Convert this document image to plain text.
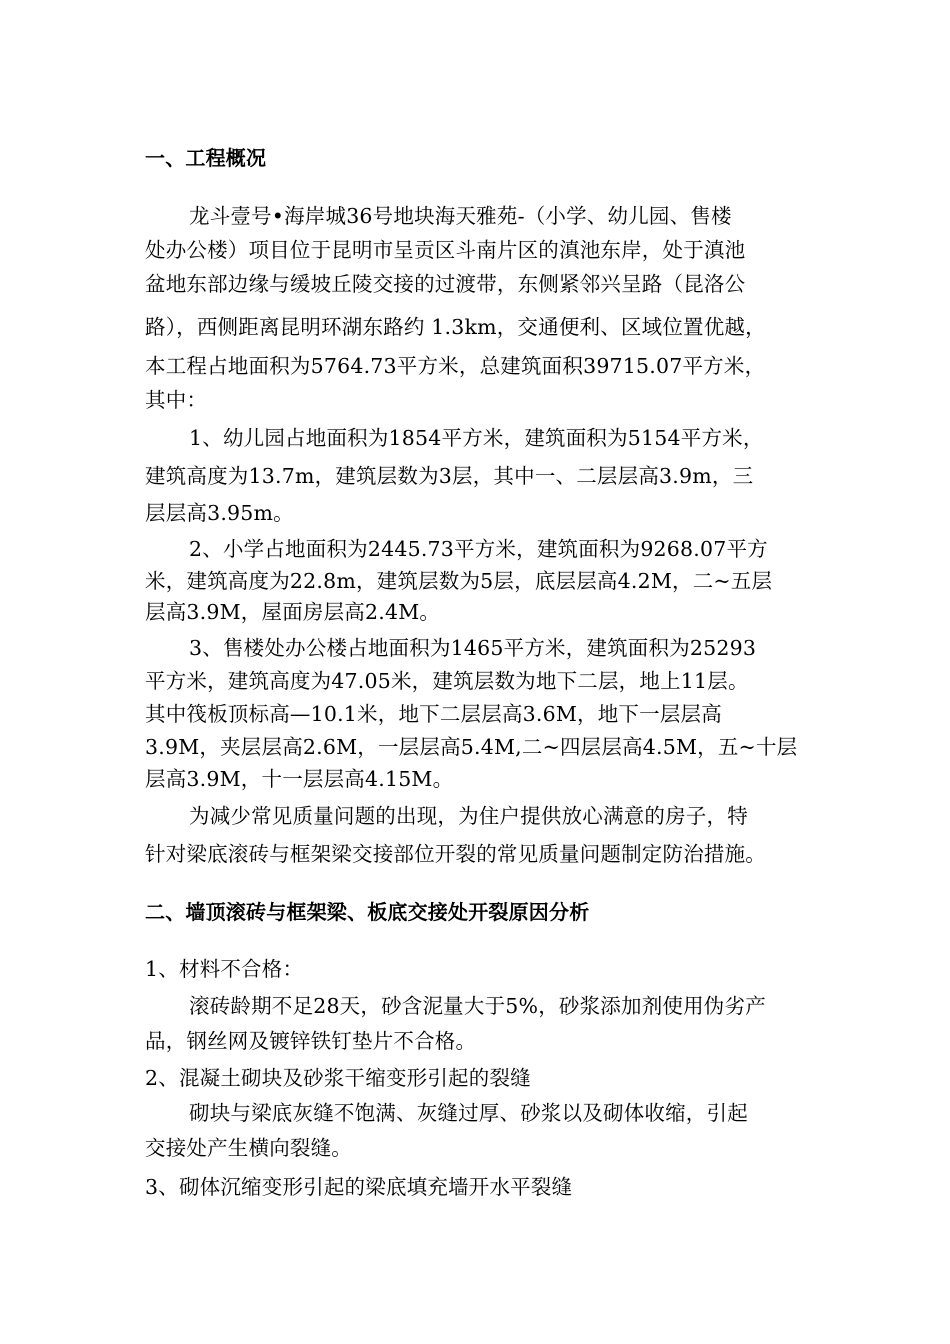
一、工程概况
龙斗壹号•海岸城36号地块海天雅苑-（小学、幼儿园、售楼
处办公楼）项目位于昆明市呈贡区斗南片区的滇池东岸，处于滇池
盆地东部边缘与缓坡丘陵交接的过渡带，东侧紧邻兴呈路（昆洛公
路），西侧距离昆明环湖东路约 1.3km，交通便利、区域位置优越，
本工程占地面积为5764.73平方米，总建筑面积39715.07平方米，
其中：
1、幼儿园占地面积为1854平方米，建筑面积为5154平方米，
建筑高度为13.7m，建筑层数为3层，其中一、二层层高3.9m，三
层层高3.95m。
2、小学占地面积为2445.73平方米，建筑面积为9268.07平方
米，建筑高度为22.8m，建筑层数为5层，底层层高4.2M，二~五层
层高3.9M，屋面房层高2.4M。
3、售楼处办公楼占地面积为1465平方米，建筑面积为25293
平方米，建筑高度为47.05米，建筑层数为地下二层，地上11层。
其中筏板顶标高—10.1米，地下二层层高3.6M，地下一层层高
3.9M，夹层层高2.6M，一层层高5.4M,二~四层层高4.5M，五~十层
层高3.9M，十一层层高4.15M。
为减少常见质量问题的出现，为住户提供放心满意的房子，特
针对梁底滚砖与框架梁交接部位开裂的常见质量问题制定防治措施。
二、墙顶滚砖与框架梁、板底交接处开裂原因分析
1、材料不合格：
滚砖龄期不足28天，砂含泥量大于5%，砂浆添加剂使用伪劣产
品，钢丝网及镀锌铁钉垫片不合格。
2、混凝土砌块及砂浆干缩变形引起的裂缝
砌块与梁底灰缝不饱满、灰缝过厚、砂浆以及砌体收缩，引起
交接处产生横向裂缝。
3、砌体沉缩变形引起的梁底填充墙开水平裂缝
